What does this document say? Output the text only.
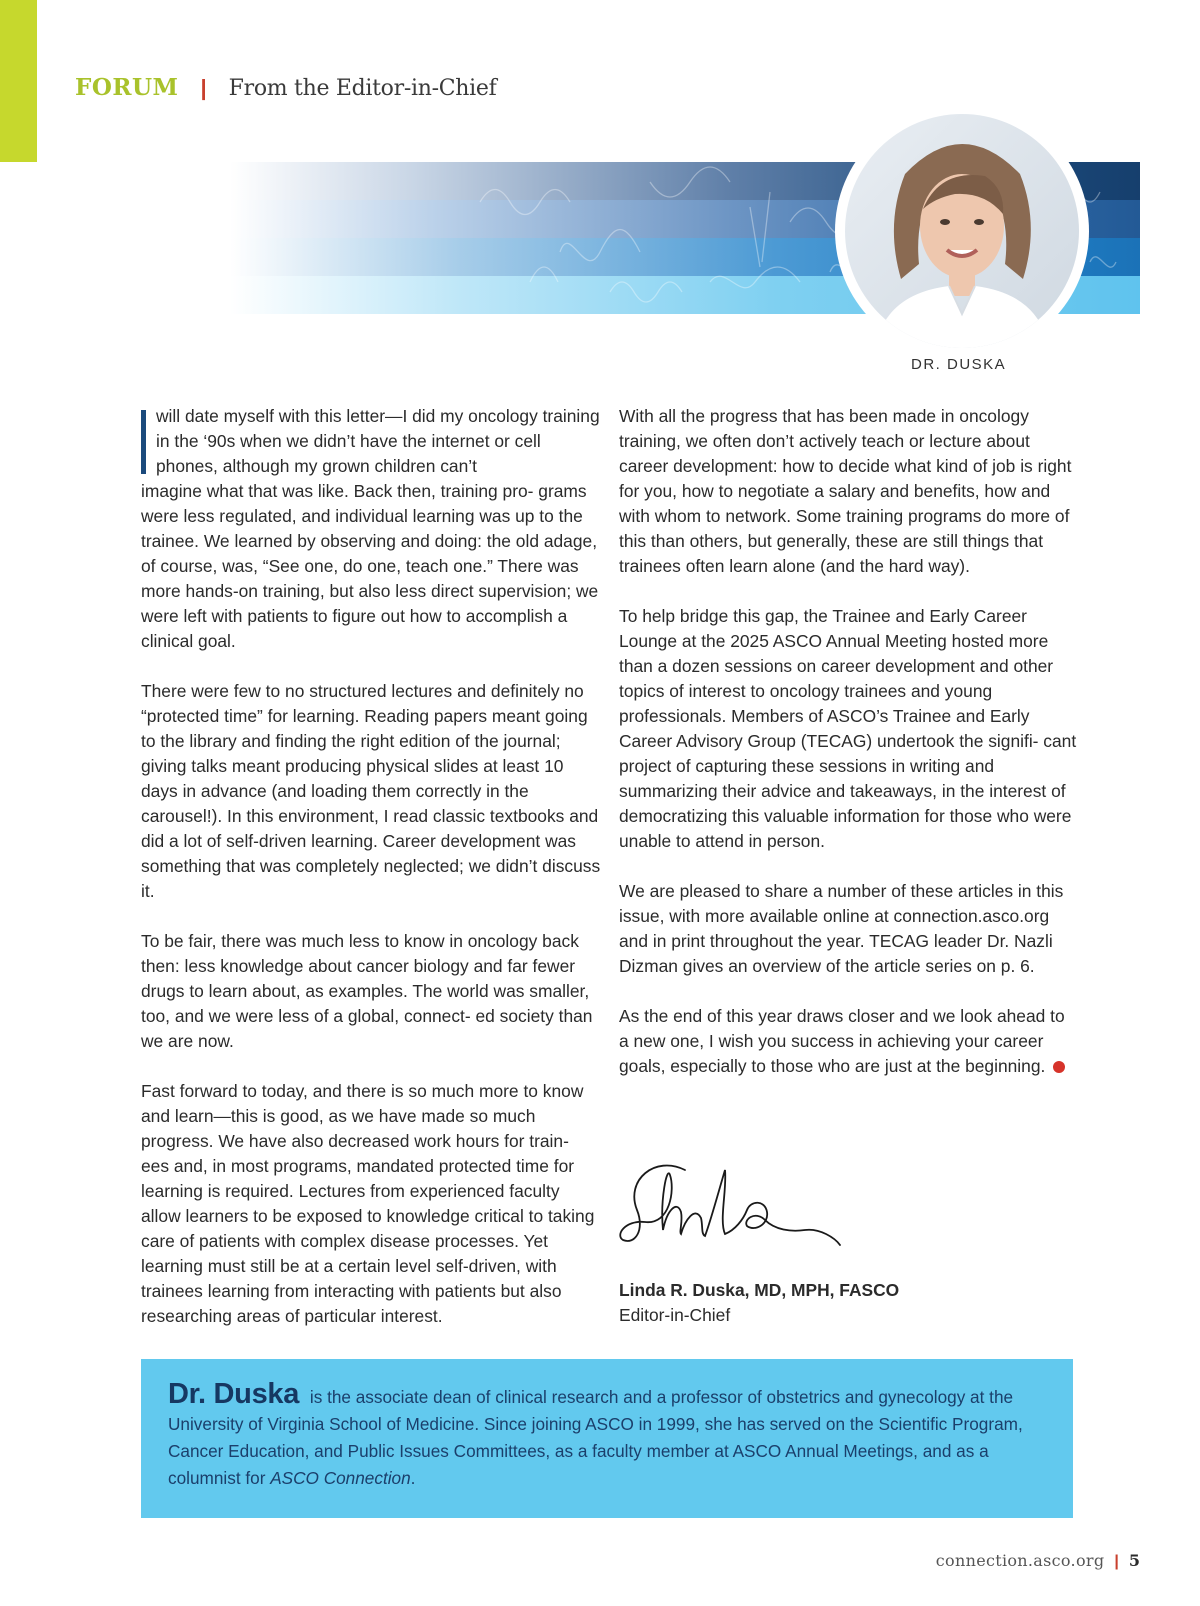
FORUM | From the Editor-in-Chief
DR. DUSKA

will date myself with this letter—I did my oncology training in the ‘90s when we didn’t have the internet or cell phones, although my grown children can’t
imagine what that was like. Back then, training pro- grams were less regulated, and individual learning was up to the trainee. We learned by observing and doing: the old adage, of course, was, “See one, do one, teach one.” There was more hands-on training, but also less direct supervision; we were left with patients to figure out how to accomplish a clinical goal.

There were few to no structured lectures and definitely no “protected time” for learning. Reading papers meant going to the library and finding the right edition of the journal; giving talks meant producing physical slides at least 10 days in advance (and loading them correctly in the carousel!). In this environment, I read classic textbooks and did a lot of self-driven learning. Career development was something that was completely neglected; we didn’t discuss it.

To be fair, there was much less to know in oncology back then: less knowledge about cancer biology and far fewer drugs to learn about, as examples. The world was smaller, too, and we were less of a global, connect- ed society than we are now.

Fast forward to today, and there is so much more to know and learn—this is good, as we have made so much progress. We have also decreased work hours for train- ees and, in most programs, mandated protected time for learning is required. Lectures from experienced faculty allow learners to be exposed to knowledge critical to taking care of patients with complex disease processes. Yet learning must still be at a certain level self-driven, with trainees learning from interacting with patients but also researching areas of particular interest.

With all the progress that has been made in oncology training, we often don’t actively teach or lecture about career development: how to decide what kind of job is right for you, how to negotiate a salary and benefits, how and with whom to network. Some training programs do more of this than others, but generally, these are still things that trainees often learn alone (and the hard way).

To help bridge this gap, the Trainee and Early Career Lounge at the 2025 ASCO Annual Meeting hosted more than a dozen sessions on career development and other topics of interest to oncology trainees and young professionals. Members of ASCO’s Trainee and Early Career Advisory Group (TECAG) undertook the signifi- cant project of capturing these sessions in writing and summarizing their advice and takeaways, in the interest of democratizing this valuable information for those who were unable to attend in person.

We are pleased to share a number of these articles in this issue, with more available online at connection.asco.org and in print throughout the year. TECAG leader Dr. Nazli Dizman gives an overview of the article series on p. 6.

As the end of this year draws closer and we look ahead to a new one, I wish you success in achieving your career goals, especially to those who are just at the beginning.

Linda R. Duska, MD, MPH, FASCO
Editor-in-Chief
Dr. Duska is the associate dean of clinical research and a professor of obstetrics and gynecology at the University of Virginia School of Medicine. Since joining ASCO in 1999, she has served on the Scientific Program, Cancer Education, and Public Issues Committees, as a faculty member at ASCO Annual Meetings, and as a columnist for ASCO Connection.
connection.asco.org | 5
